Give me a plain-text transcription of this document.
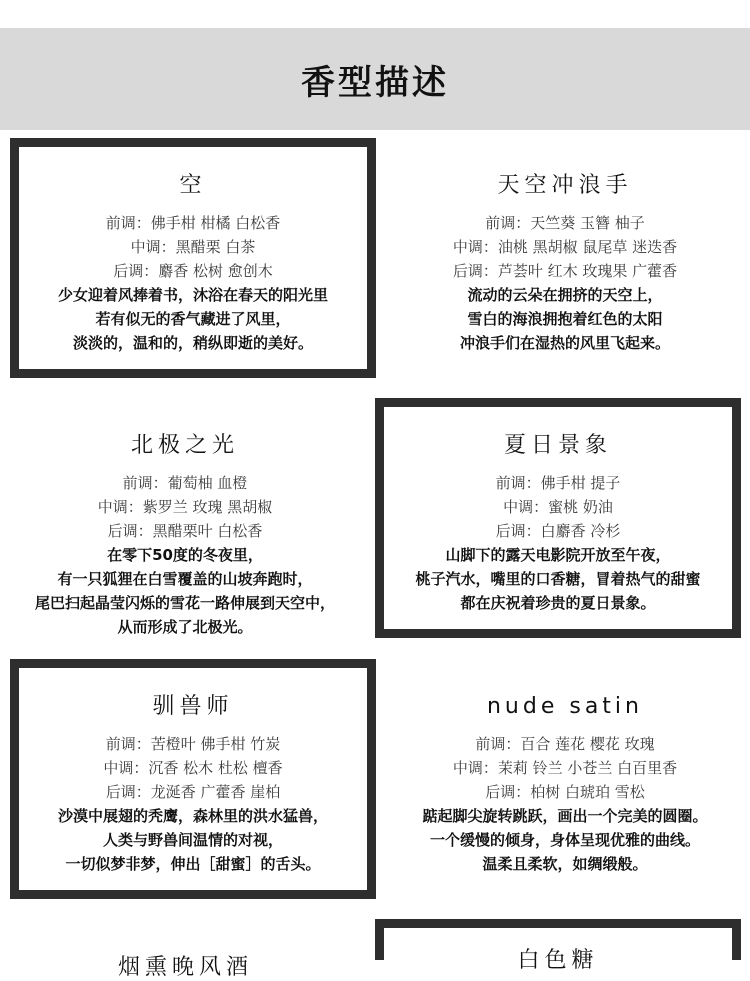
香型描述
空
前调：佛手柑 柑橘 白松香
中调：黑醋栗 白茶
后调：麝香 松树 愈创木
少女迎着风捧着书，沐浴在春天的阳光里
若有似无的香气藏进了风里，
淡淡的，温和的，稍纵即逝的美好。
天空冲浪手
前调：天竺葵 玉簪 柚子
中调：油桃 黑胡椒 鼠尾草 迷迭香
后调：芦荟叶 红木 玫瑰果 广藿香
流动的云朵在拥挤的天空上，
雪白的海浪拥抱着红色的太阳
冲浪手们在湿热的风里飞起来。
北极之光
前调：葡萄柚 血橙
中调：紫罗兰 玫瑰 黑胡椒
后调：黑醋栗叶 白松香
在零下50度的冬夜里，
有一只狐狸在白雪覆盖的山坡奔跑时，
尾巴扫起晶莹闪烁的雪花一路伸展到天空中，
从而形成了北极光。
夏日景象
前调：佛手柑 提子
中调：蜜桃 奶油
后调：白麝香 冷杉
山脚下的露天电影院开放至午夜，
桃子汽水，嘴里的口香糖，冒着热气的甜蜜
都在庆祝着珍贵的夏日景象。
驯兽师
前调：苦橙叶 佛手柑 竹炭
中调：沉香 松木 杜松 檀香
后调：龙涎香 广藿香 崖柏
沙漠中展翅的秃鹰，森林里的洪水猛兽，
人类与野兽间温情的对视，
一切似梦非梦，伸出［甜蜜］的舌头。
nude satin
前调：百合 莲花 樱花 玫瑰
中调：茉莉 铃兰 小苍兰 白百里香
后调：柏树 白琥珀 雪松
踮起脚尖旋转跳跃，画出一个完美的圆圈。
一个缓慢的倾身，身体呈现优雅的曲线。
温柔且柔软，如绸缎般。
烟熏晚风酒	白色糖
